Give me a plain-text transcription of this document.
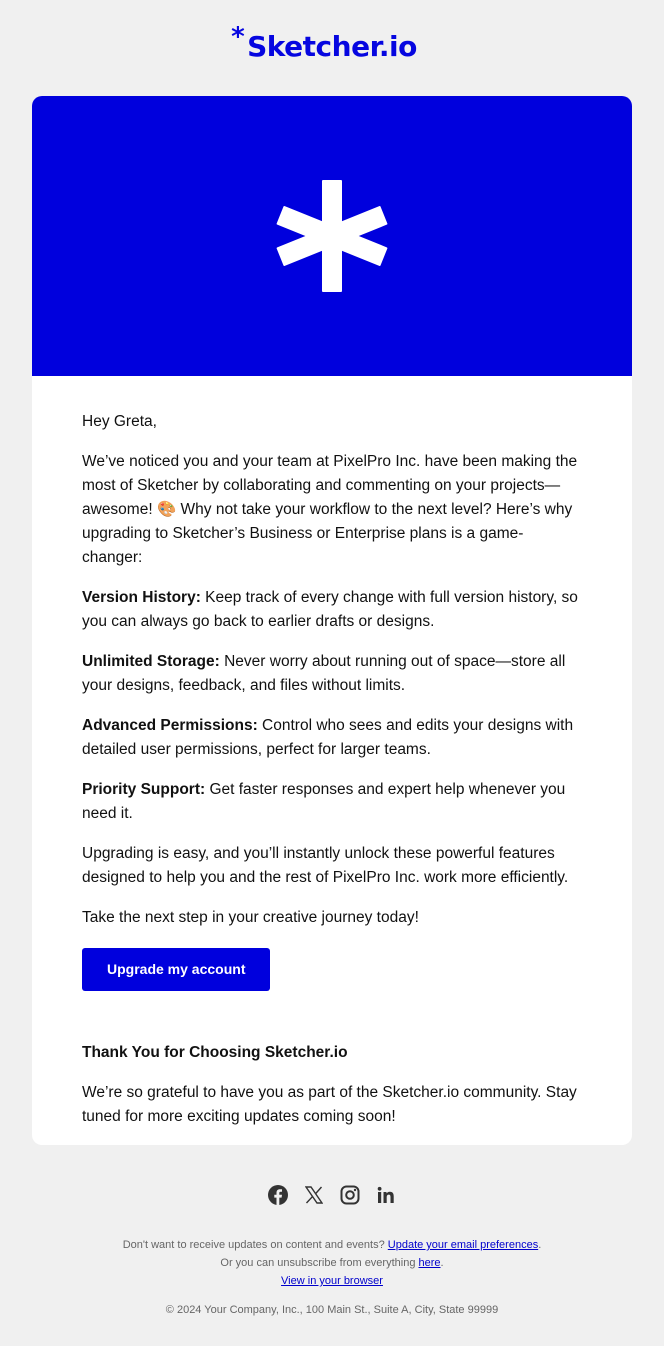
* Sketcher.io

Hey Greta,

We’ve noticed you and your team at PixelPro Inc. have been making the most of Sketcher by collaborating and commenting on your projects—awesome! 🎨 Why not take your workflow to the next level? Here’s why upgrading to Sketcher’s Business or Enterprise plans is a game-changer:

Version History: Keep track of every change with full version history, so you can always go back to earlier drafts or designs.

Unlimited Storage: Never worry about running out of space—store all your designs, feedback, and files without limits.

Advanced Permissions: Control who sees and edits your designs with detailed user permissions, perfect for larger teams.

Priority Support: Get faster responses and expert help whenever you need it.

Upgrading is easy, and you’ll instantly unlock these powerful features designed to help you and the rest of PixelPro Inc. work more efficiently.

Take the next step in your creative journey today!

Upgrade my account

Thank You for Choosing Sketcher.io

We’re so grateful to have you as part of the Sketcher.io community. Stay tuned for more exciting updates coming soon!

Don't want to receive updates on content and events? Update your email preferences.
Or you can unsubscribe from everything here.
View in your browser
© 2024 Your Company, Inc., 100 Main St., Suite A, City, State 99999
